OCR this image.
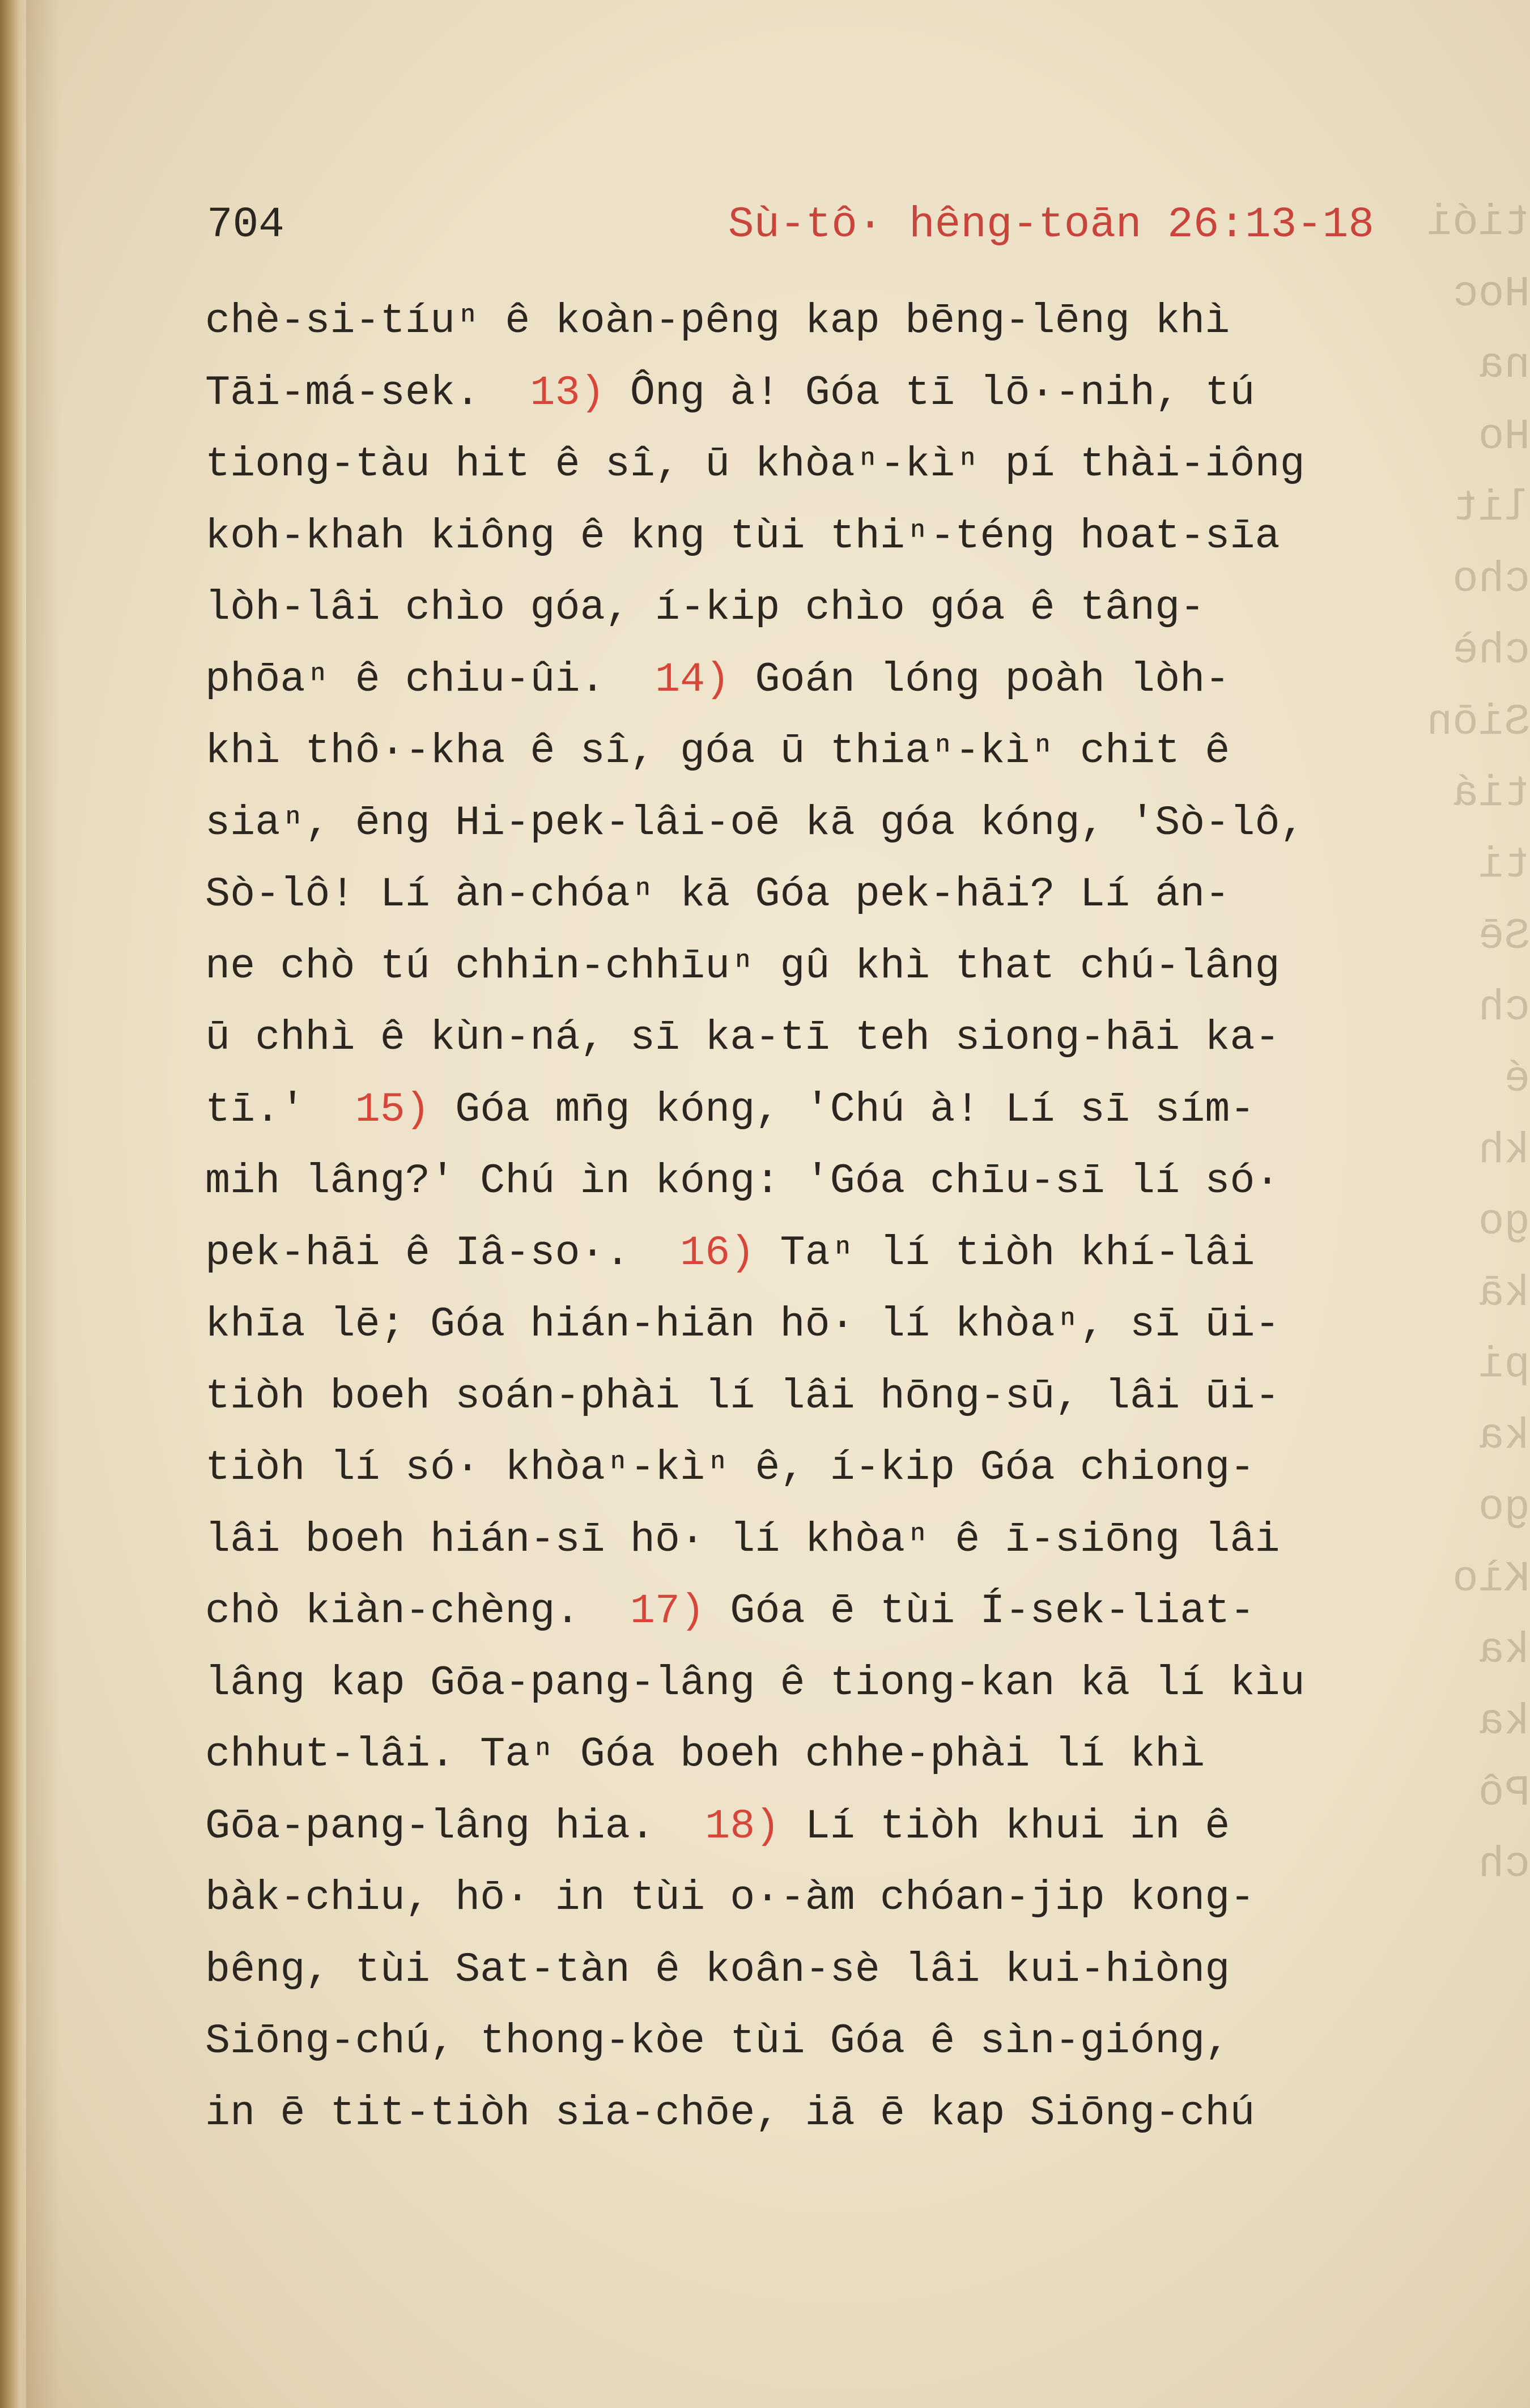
tiói
Hoc
na
Ho
lit
cho
chè
Siōn
tiá
ti
Sē
ch
é
kh
go
kā
pi
ka
go
Kìo
ka
ka
Pô
ch
704	Sù-tô· hêng-toān 26:13-18
chè-si-tíuⁿ ê koàn-pêng kap bēng-lēng khì
Tāi-má-sek.  13) Ông à! Góa tī lō·-nih, tú
tiong-tàu hit ê sî, ū khòaⁿ-kìⁿ pí thài-iông
koh-khah kiông ê kng tùi thiⁿ-téng hoat-sīa
lòh-lâi chìo góa, í-kip chìo góa ê tâng-
phōaⁿ ê chiu-ûi.  14) Goán lóng poàh lòh-
khì thô·-kha ê sî, góa ū thiaⁿ-kìⁿ chit ê
siaⁿ, ēng Hi-pek-lâi-oē kā góa kóng, 'Sò-lô,
Sò-lô! Lí àn-chóaⁿ kā Góa pek-hāi? Lí án-
ne chò tú chhin-chhīuⁿ gû khì that chú-lâng
ū chhì ê kùn-ná, sī ka-tī teh siong-hāi ka-
tī.'  15) Góa mn̄g kóng, 'Chú à! Lí sī sím-
mih lâng?' Chú ìn kóng: 'Góa chīu-sī lí só·
pek-hāi ê Iâ-so·.  16) Taⁿ lí tiòh khí-lâi
khīa lē; Góa hián-hiān hō· lí khòaⁿ, sī ūi-
tiòh boeh soán-phài lí lâi hōng-sū, lâi ūi-
tiòh lí só· khòaⁿ-kìⁿ ê, í-kip Góa chiong-
lâi boeh hián-sī hō· lí khòaⁿ ê ī-siōng lâi
chò kiàn-chèng.  17) Góa ē tùi Í-sek-liat-
lâng kap Gōa-pang-lâng ê tiong-kan kā lí kìu
chhut-lâi. Taⁿ Góa boeh chhe-phài lí khì
Gōa-pang-lâng hia.  18) Lí tiòh khui in ê
bàk-chiu, hō· in tùi o·-àm chóan-jip kong-
bêng, tùi Sat-tàn ê koân-sè lâi kui-hiòng
Siōng-chú, thong-kòe tùi Góa ê sìn-gióng,
in ē tit-tiòh sia-chōe, iā ē kap Siōng-chú
